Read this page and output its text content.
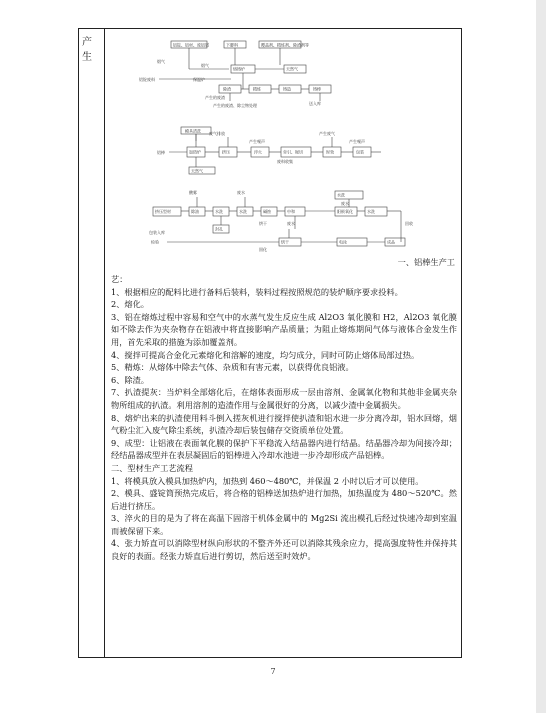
产 生
铝锭、铝材、废铝屑	下脚料	覆盖剂、精炼剂、除渣剂等
烟气
铝锭废料
烟气
熔铸炉	天然气
保温炉
除渣	精炼	铸造	铸棒
产生的废渣
产生的废渣、除尘物处理	送入库
模具清洗
铝棒	加热炉	挤压	淬火	牵引、锯切	时效	包装
天然气
废气排放	产生废气
产生噪声
废料收集
产生噪声
挤压型材	除油	水洗	水洗	碱蚀	中和	阳极氧化	水洗
封孔
水洗
烘干
包装入库
酸雾	废水
废水
废水
成品
电泳
检验
烘干
固化
回收
一、铝棒生产工

艺：

1、根据相应的配料比进行备料后装料，装料过程按照规范的装炉顺序要求投料。

2、熔化。

3、铝在熔炼过程中容易和空气中的水蒸气发生反应生成 Al2O3 氧化膜和 H2，Al2O3 氧化膜如不除去作为夹杂物存在铝液中将直接影响产品质量；为阻止熔炼期间气体与液体合金发生作用，首先采取的措施为添加覆盖剂。

4、搅拌可提高合金化元素熔化和溶解的速度，均匀成分，同时可防止熔体局部过热。

5、精炼：从熔体中除去气体、杂质和有害元素，以获得优良铝液。

6、除渣。

7、扒渣提灰：当炉料全部熔化后，在熔体表面形成一层由溶剂、金属氧化物和其他非金属夹杂物所组成的扒渣。利用溶剂的造渣作用与金属很好的分离，以减少渣中金属损失。

8、熔炉出来的扒渣使用料斗倒入搓灰机进行搅拌使扒渣和铝水进一步分离冷却，铝水回熔，烟气粉尘汇入废气除尘系统，扒渣冷却后装包储存交资质单位处置。

9、成型：让铝液在表面氧化膜的保护下平稳流入结晶器内进行结晶。结晶器冷却为间接冷却；经结晶器成型并在表层凝固后的铝棒进入冷却水池进一步冷却形成产品铝棒。

二、型材生产工艺流程

1、将模具放入模具加热炉内，加热到 460～480℃，并保温 2 小时以后才可以使用。

2、模具、盛锭筒预热完成后，将合格的铝棒送加热炉进行加热，加热温度为 480～520℃。然后进行挤压。

3、淬火的目的是为了将在高温下固溶于机体金属中的 Mg2Si 流出模孔后经过快速冷却到室温而被保留下来。

4、张力矫直可以消除型材纵向形状的不整齐外还可以消除其残余应力，提高强度特性并保持其良好的表面。经张力矫直后进行剪切，然后送至时效炉。

7
